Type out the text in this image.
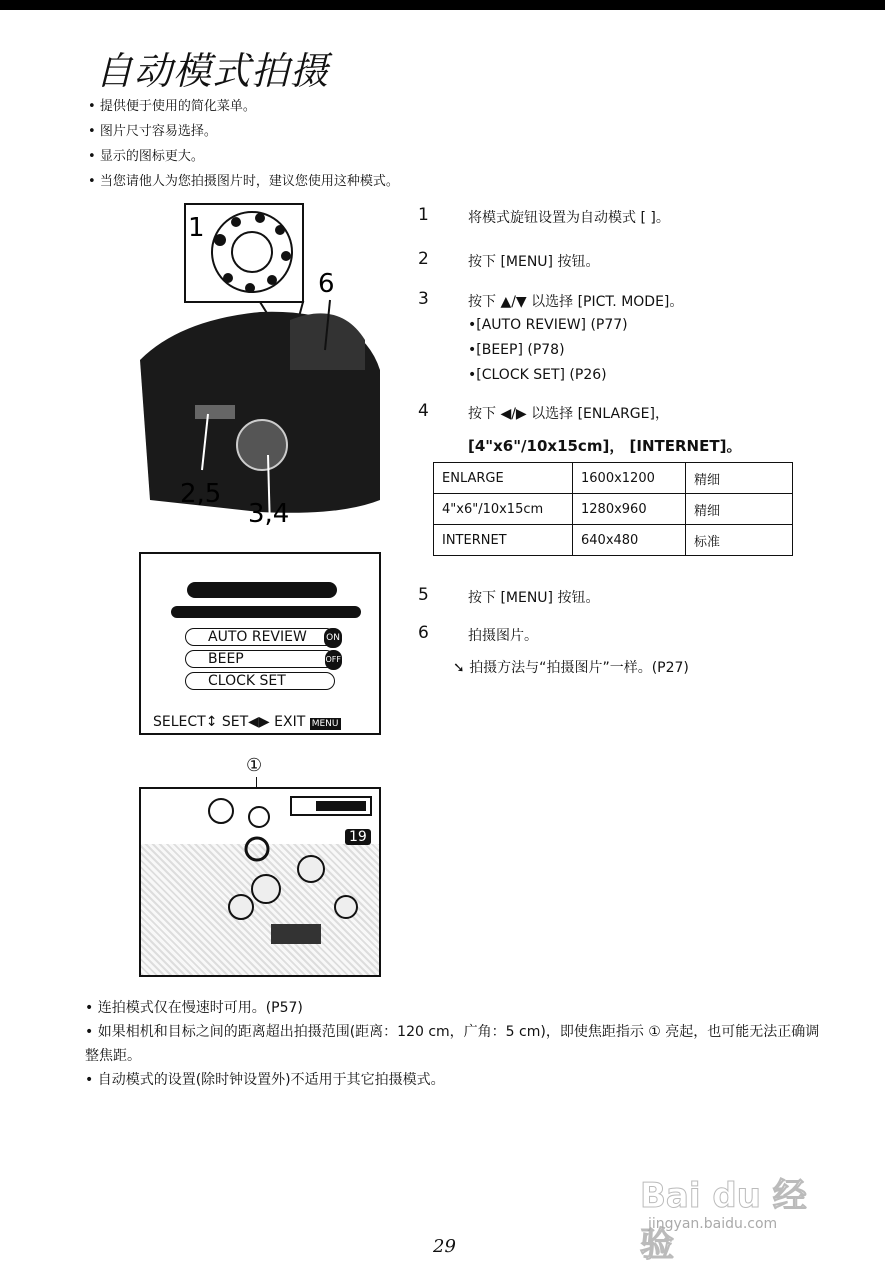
自动模式拍摄
• 提供便于使用的简化菜单。
• 图片尺寸容易选择。
• 显示的图标更大。
• 当您请他人为您拍摄图片时，建议您使用这种模式。
1
6
2,5
3,4
1	将模式旋钮设置为自动模式 [ ]。
2	按下 [MENU] 按钮。
3	按下 ▲/▼ 以选择 [PICT. MODE]。
•[AUTO REVIEW] (P77)
•[BEEP] (P78)
•[CLOCK SET] (P26)
4	按下 ◀/▶ 以选择 [ENLARGE]，
[4"x6"/10x15cm]， [INTERNET]。
5	按下 [MENU] 按钮。
6	拍摄图片。
ENLARGE	1600x1200	精细
4"x6"/10x15cm	1280x960	精细
INTERNET	640x480	标准
➘ 拍摄方法与“拍摄图片”一样。(P27)
AUTO REVIEW ON
BEEP	OFF
CLOCK SET
SELECT↕ SET◀▶ EXIT MENU
①
19
• 连拍模式仅在慢速时可用。(P57)
• 如果相机和目标之间的距离超出拍摄范围(距离：120 cm，广角：5 cm)，即使焦距指示 ① 亮起，也可能无法正确调整焦距。
• 自动模式的设置(除时钟设置外)不适用于其它拍摄模式。
Bai du 经验
jingyan.baidu.com
29
